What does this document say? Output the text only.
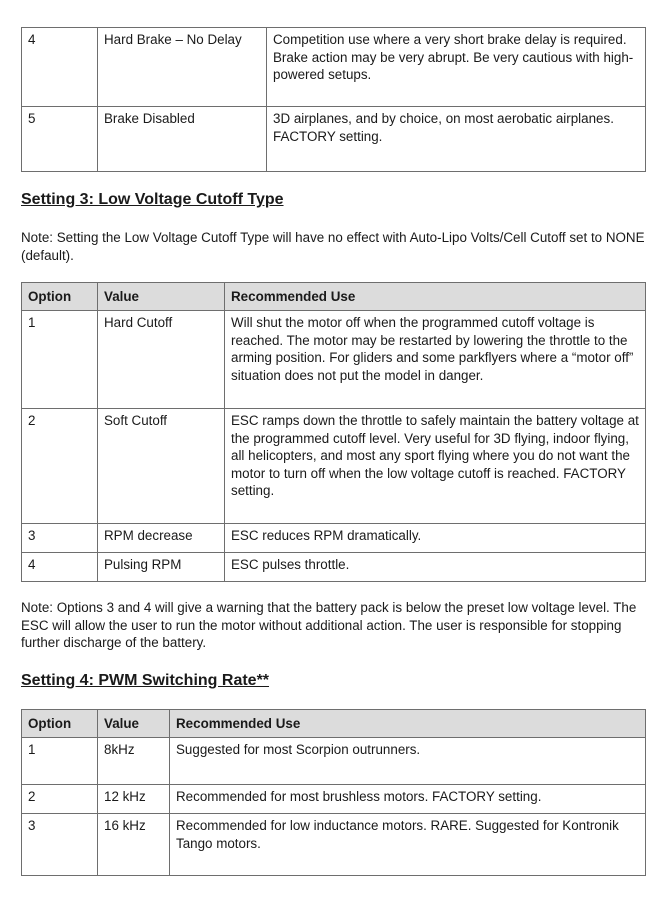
4	Hard Brake – No Delay	Competition use where a very short brake delay is required. Brake action may be very abrupt. Be very cautious with high-powered setups.

5	Brake Disabled	3D airplanes, and by choice, on most aerobatic airplanes. FACTORY setting.
Setting 3: Low Voltage Cutoff Type

Note: Setting the Low Voltage Cutoff Type will have no effect with Auto-Lipo Volts/Cell Cutoff set to NONE (default).

Option	Value	Recommended Use

1	Hard Cutoff	Will shut the motor off when the programmed cutoff voltage is reached. The motor may be restarted by lowering the throttle to the arming position. For gliders and some parkflyers where a “motor off” situation does not put the model in danger.

2	Soft Cutoff	ESC ramps down the throttle to safely maintain the battery voltage at the programmed cutoff level. Very useful for 3D flying, indoor flying, all helicopters, and most any sport flying where you do not want the motor to turn off when the low voltage cutoff is reached. FACTORY setting.

3	RPM decrease	ESC reduces RPM dramatically.

4	Pulsing RPM	ESC pulses throttle.

Note: Options 3 and 4 will give a warning that the battery pack is below the preset low voltage level. The ESC will allow the user to run the motor without additional action. The user is responsible for stopping further discharge of the battery.

Setting 4: PWM Switching Rate**
Option	Value	Recommended Use

1	8kHz	Suggested for most Scorpion outrunners.

2	12 kHz	Recommended for most brushless motors. FACTORY setting.

3	16 kHz	Recommended for low inductance motors. RARE. Suggested for Kontronik Tango motors.
